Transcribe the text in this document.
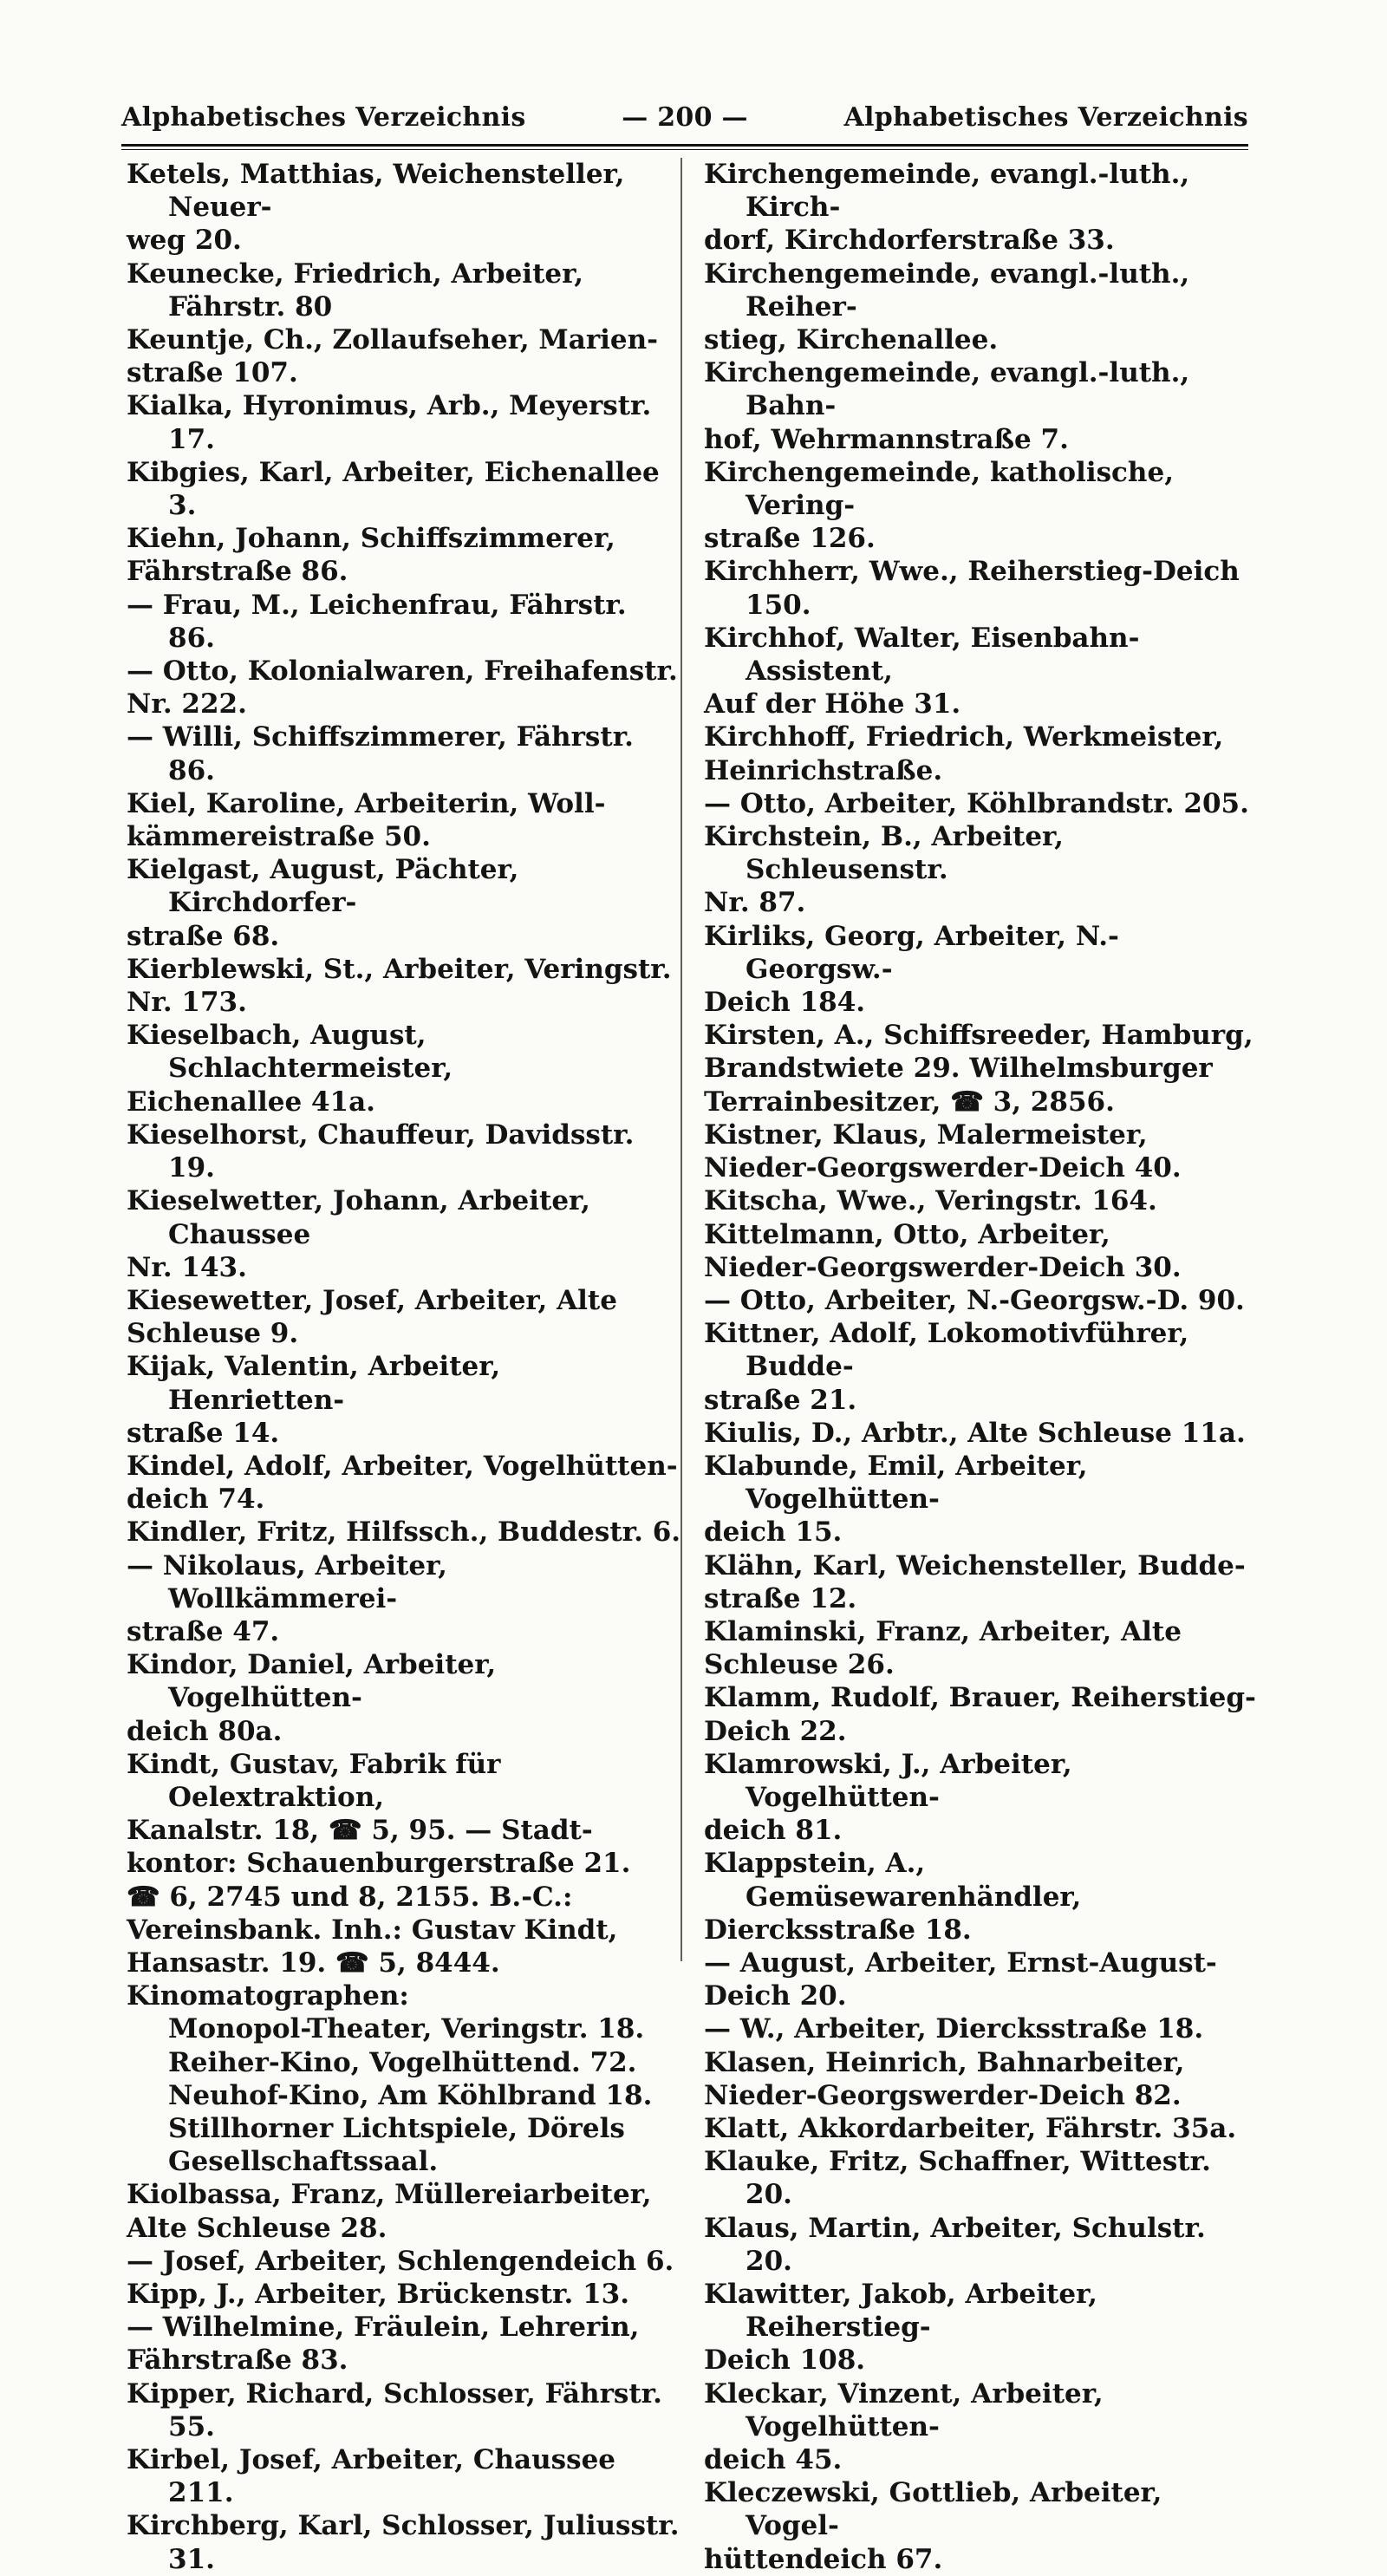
Alphabetisches Verzeichnis	— 200 —	Alphabetisches Verzeichnis
Ketels, Matthias, Weichensteller, Neuer-
weg 20.
Keunecke, Friedrich, Arbeiter, Fährstr. 80
Keuntje, Ch., Zollaufseher, Marien-
straße 107.
Kialka, Hyronimus, Arb., Meyerstr. 17.
Kibgies, Karl, Arbeiter, Eichenallee 3.
Kiehn, Johann, Schiffszimmerer,
Fährstraße 86.
— Frau, M., Leichenfrau, Fährstr. 86.
— Otto, Kolonialwaren, Freihafenstr.
Nr. 222.
— Willi, Schiffszimmerer, Fährstr. 86.
Kiel, Karoline, Arbeiterin, Woll-
kämmereistraße 50.
Kielgast, August, Pächter, Kirchdorfer-
straße 68.
Kierblewski, St., Arbeiter, Veringstr.
Nr. 173.
Kieselbach, August, Schlachtermeister,
Eichenallee 41a.
Kieselhorst, Chauffeur, Davidsstr. 19.
Kieselwetter, Johann, Arbeiter, Chaussee
Nr. 143.
Kiesewetter, Josef, Arbeiter, Alte
Schleuse 9.
Kijak, Valentin, Arbeiter, Henrietten-
straße 14.
Kindel, Adolf, Arbeiter, Vogelhütten-
deich 74.
Kindler, Fritz, Hilfssch., Buddestr. 6.
— Nikolaus, Arbeiter, Wollkämmerei-
straße 47.
Kindor, Daniel, Arbeiter, Vogelhütten-
deich 80a.
Kindt, Gustav, Fabrik für Oelextraktion,
Kanalstr. 18, ☎ 5, 95. — Stadt-
kontor: Schauenburgerstraße 21.
☎ 6, 2745 und 8, 2155. B.-C.:
Vereinsbank. Inh.: Gustav Kindt,
Hansastr. 19. ☎ 5, 8444.
Kinomatographen:
Monopol-Theater, Veringstr. 18.
Reiher-Kino, Vogelhüttend. 72.
Neuhof-Kino, Am Köhlbrand 18.
Stillhorner Lichtspiele, Dörels
Gesellschaftssaal.
Kiolbassa, Franz, Müllereiarbeiter,
Alte Schleuse 28.
— Josef, Arbeiter, Schlengendeich 6.
Kipp, J., Arbeiter, Brückenstr. 13.
— Wilhelmine, Fräulein, Lehrerin,
Fährstraße 83.
Kipper, Richard, Schlosser, Fährstr. 55.
Kirbel, Josef, Arbeiter, Chaussee 211.
Kirchberg, Karl, Schlosser, Juliusstr. 31.
Kirchengemeinde, evangl.-luth., Kirch-
dorf, Kirchdorferstraße 33.
Kirchengemeinde, evangl.-luth., Reiher-
stieg, Kirchenallee.
Kirchengemeinde, evangl.-luth., Bahn-
hof, Wehrmannstraße 7.
Kirchengemeinde, katholische, Vering-
straße 126.
Kirchherr, Wwe., Reiherstieg-Deich 150.
Kirchhof, Walter, Eisenbahn-Assistent,
Auf der Höhe 31.
Kirchhoff, Friedrich, Werkmeister,
Heinrichstraße.
— Otto, Arbeiter, Köhlbrandstr. 205.
Kirchstein, B., Arbeiter, Schleusenstr.
Nr. 87.
Kirliks, Georg, Arbeiter, N.-Georgsw.-
Deich 184.
Kirsten, A., Schiffsreeder, Hamburg,
Brandstwiete 29. Wilhelmsburger
Terrainbesitzer, ☎ 3, 2856.
Kistner, Klaus, Malermeister,
Nieder-Georgswerder-Deich 40.
Kitscha, Wwe., Veringstr. 164.
Kittelmann, Otto, Arbeiter,
Nieder-Georgswerder-Deich 30.
— Otto, Arbeiter, N.-Georgsw.-D. 90.
Kittner, Adolf, Lokomotivführer, Budde-
straße 21.
Kiulis, D., Arbtr., Alte Schleuse 11a.
Klabunde, Emil, Arbeiter, Vogelhütten-
deich 15.
Klähn, Karl, Weichensteller, Budde-
straße 12.
Klaminski, Franz, Arbeiter, Alte
Schleuse 26.
Klamm, Rudolf, Brauer, Reiherstieg-
Deich 22.
Klamrowski, J., Arbeiter, Vogelhütten-
deich 81.
Klappstein, A., Gemüsewarenhändler,
Diercksstraße 18.
— August, Arbeiter, Ernst-August-
Deich 20.
— W., Arbeiter, Diercksstraße 18.
Klasen, Heinrich, Bahnarbeiter,
Nieder-Georgswerder-Deich 82.
Klatt, Akkordarbeiter, Fährstr. 35a.
Klauke, Fritz, Schaffner, Wittestr. 20.
Klaus, Martin, Arbeiter, Schulstr. 20.
Klawitter, Jakob, Arbeiter, Reiherstieg-
Deich 108.
Kleckar, Vinzent, Arbeiter, Vogelhütten-
deich 45.
Kleczewski, Gottlieb, Arbeiter, Vogel-
hüttendeich 67.
